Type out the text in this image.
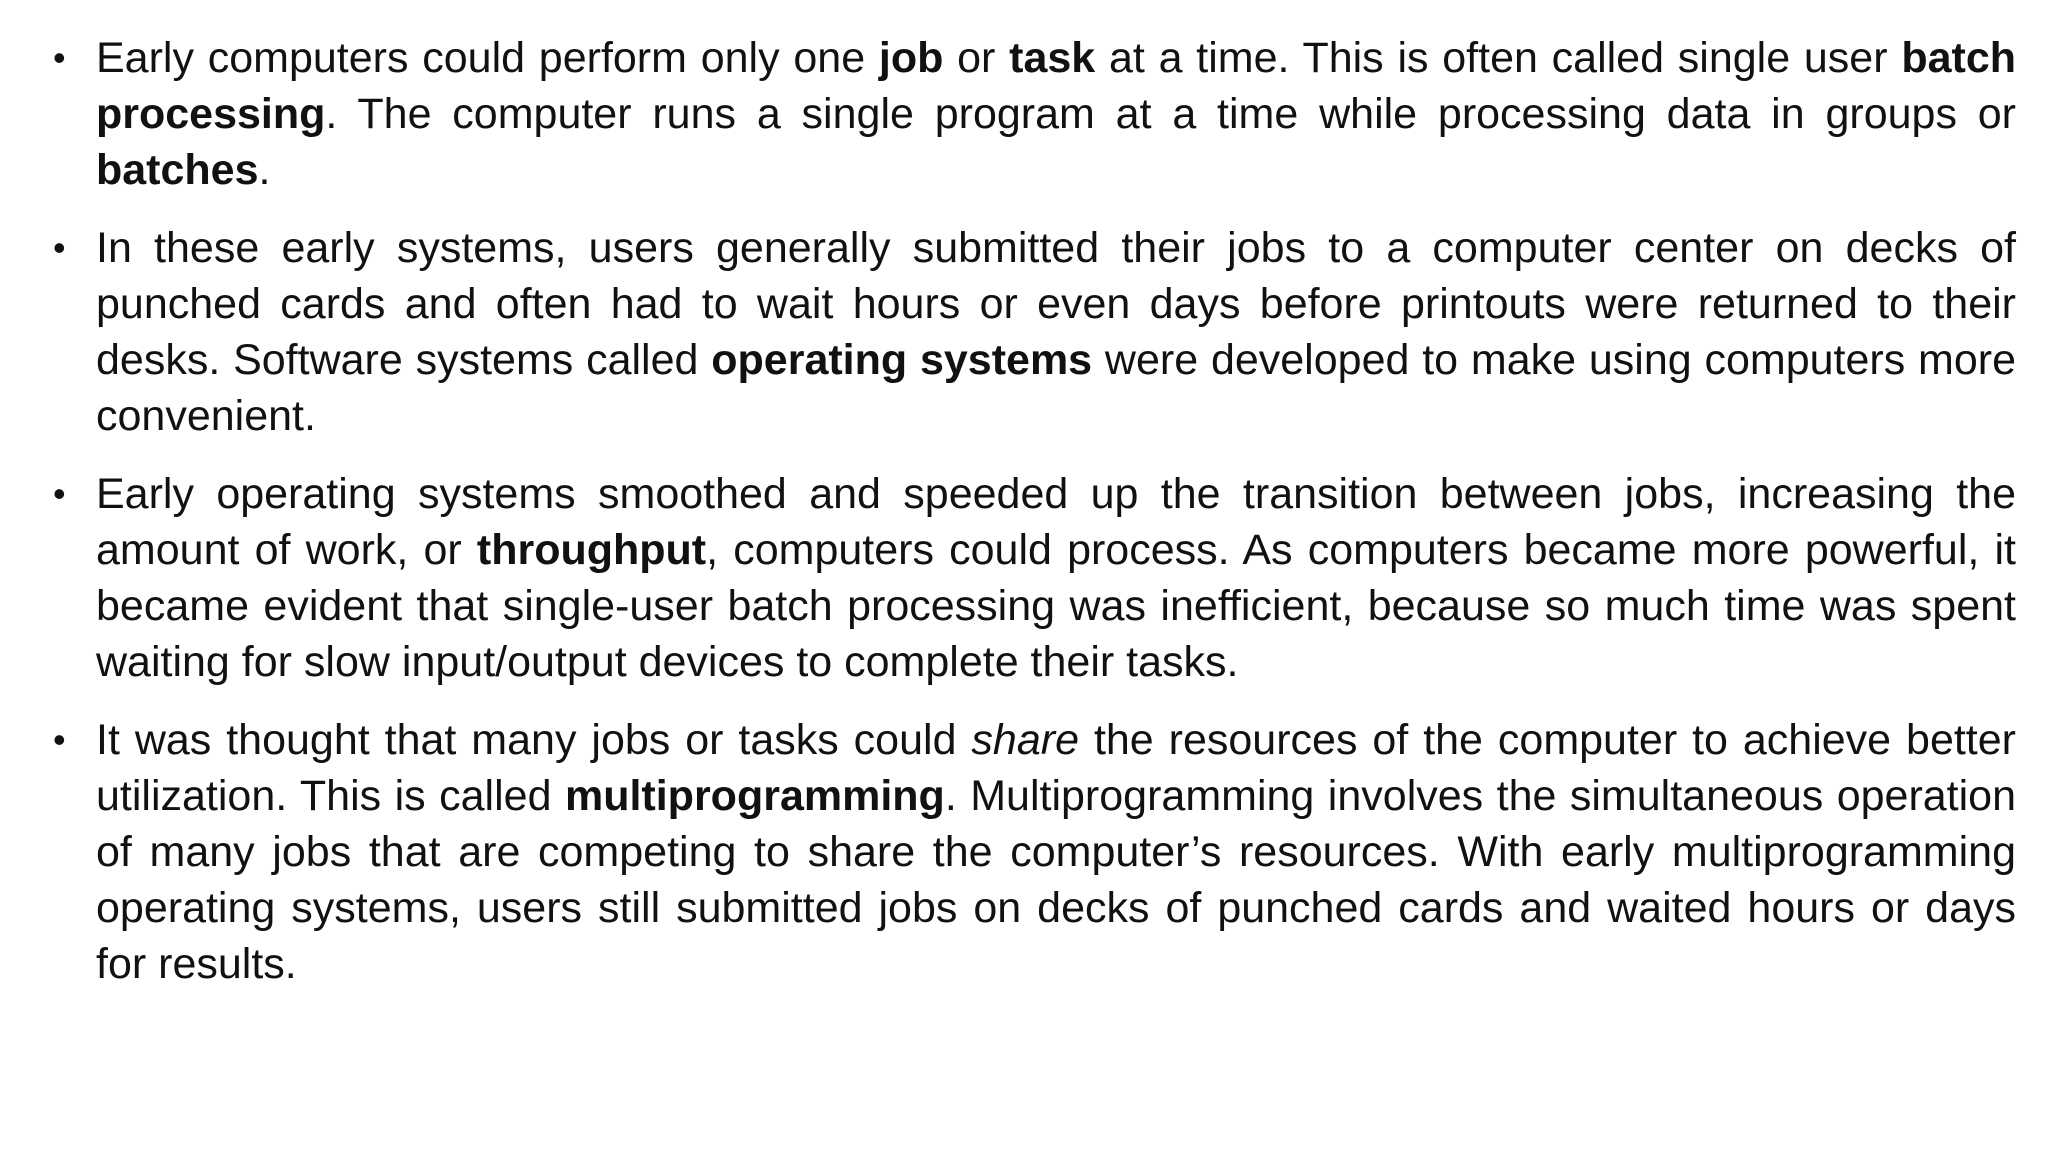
• Early computers could perform only one job or task at a time. This is often called single user batch processing. The computer runs a single program at a time while processing data in groups or batches.
• In these early systems, users generally submitted their jobs to a computer center on decks of punched cards and often had to wait hours or even days before printouts were returned to their desks. Software systems called operating systems were developed to make using computers more convenient.
• Early operating systems smoothed and speeded up the transition between jobs, increasing the amount of work, or throughput, computers could process. As computers became more powerful, it became evident that single-user batch processing was inefficient, because so much time was spent waiting for slow input/output devices to complete their tasks.
• It was thought that many jobs or tasks could share the resources of the computer to achieve better utilization. This is called multiprogramming. Multiprogramming involves the simultaneous operation of many jobs that are competing to share the computer’s resources. With early multiprogramming operating systems, users still submitted jobs on decks of punched cards and waited hours or days for results.
